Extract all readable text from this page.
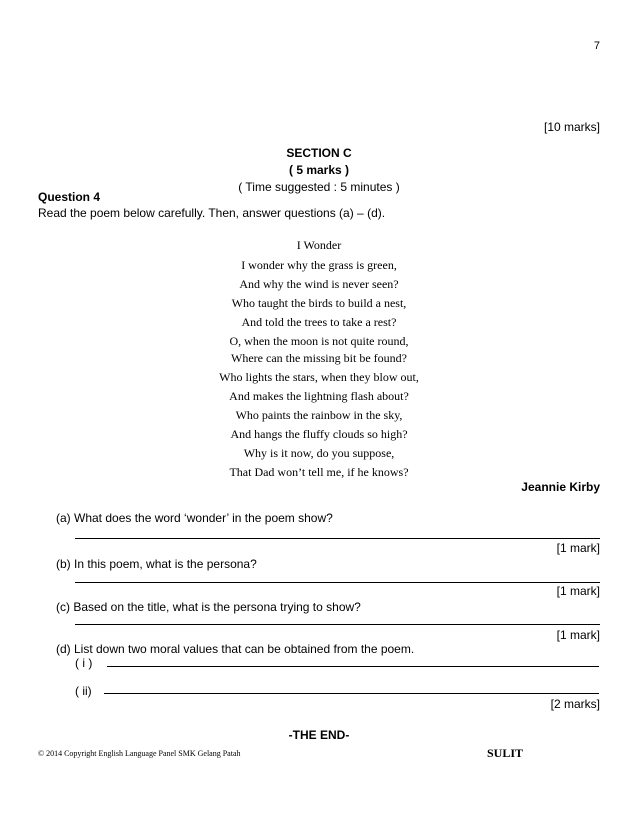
7
[10 marks]
SECTION C
( 5 marks )
( Time suggested : 5 minutes )
Question 4
Read the poem below carefully. Then, answer questions (a) – (d).
I Wonder
I wonder why the grass is green,
And why the wind is never seen?
Who taught the birds to build a nest,
And told the trees to take a rest?
O, when the moon is not quite round,
Where can the missing bit be found?
Who lights the stars, when they blow out,
And makes the lightning flash about?
Who paints the rainbow in the sky,
And hangs the fluffy clouds so high?
Why is it now, do you suppose,
That Dad won’t tell me, if he knows?
Jeannie Kirby
(a) What does the word ‘wonder’ in the poem show?
[1 mark]
(b) In this poem, what is the persona?
[1 mark]
(c) Based on the title, what is the persona trying to show?
[1 mark]
(d) List down two moral values that can be obtained from the poem.
( i )
( ii)
[2 marks]
-THE END-
© 2014 Copyright English Language Panel SMK Gelang Patah	SULIT
